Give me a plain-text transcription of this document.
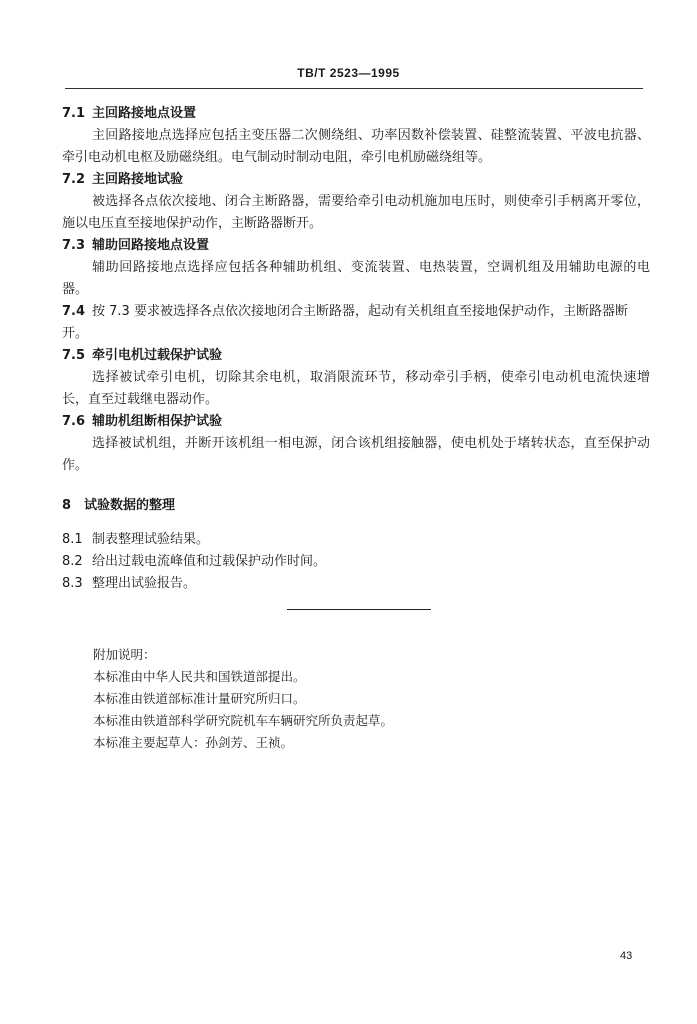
TB/T 2523—1995
7.1 主回路接地点设置
主回路接地点选择应包括主变压器二次侧绕组、功率因数补偿装置、硅整流装置、平波电抗器、牵引电动机电枢及励磁绕组。电气制动时制动电阻，牵引电机励磁绕组等。
7.2 主回路接地试验
被选择各点依次接地、闭合主断路器，需要给牵引电动机施加电压时，则使牵引手柄离开零位，施以电压直至接地保护动作，主断路器断开。
7.3 辅助回路接地点设置
辅助回路接地点选择应包括各种辅助机组、变流装置、电热装置，空调机组及用辅助电源的电器。
7.4 按 7.3 要求被选择各点依次接地闭合主断路器，起动有关机组直至接地保护动作，主断路器断开。
7.5 牵引电机过载保护试验
选择被试牵引电机，切除其余电机，取消限流环节，移动牵引手柄，使牵引电动机电流快速增长，直至过载继电器动作。
7.6 辅助机组断相保护试验
选择被试机组，并断开该机组一相电源，闭合该机组接触器，使电机处于堵转状态，直至保护动作。
8 试验数据的整理
8.1 制表整理试验结果。
8.2 给出过载电流峰值和过载保护动作时间。
8.3 整理出试验报告。
附加说明：
本标准由中华人民共和国铁道部提出。
本标准由铁道部标准计量研究所归口。
本标准由铁道部科学研究院机车车辆研究所负责起草。
本标准主要起草人：孙剑芳、王祯。
43
